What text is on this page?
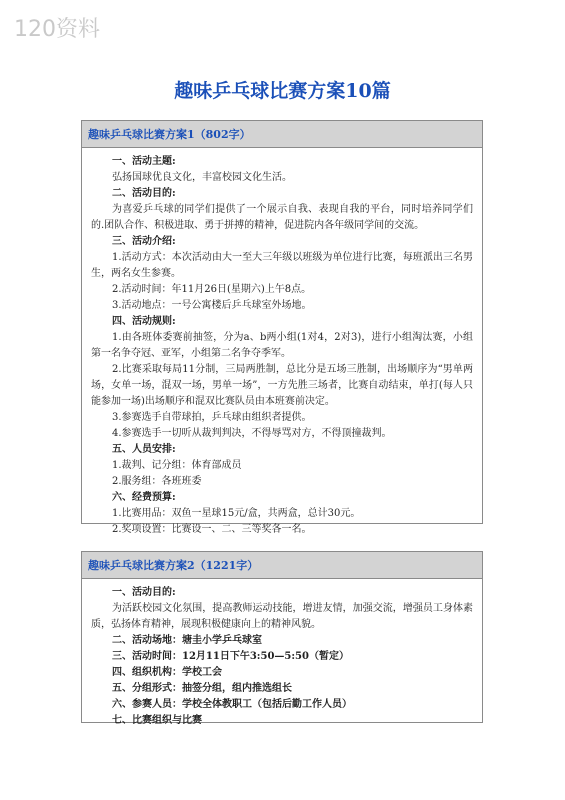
120资料
趣味乒乓球比赛方案10篇
趣味乒乓球比赛方案1（802字）
一、活动主题:
弘扬国球优良文化，丰富校园文化生活。
二、活动目的:
为喜爱乒乓球的同学们提供了一个展示自我、表现自我的平台，同时培养同学们的.团队合作、积极进取、勇于拼搏的精神，促进院内各年级同学间的交流。
三、活动介绍:
1.活动方式：本次活动由大一至大三年级以班级为单位进行比赛，每班派出三名男生，两名女生参赛。
2.活动时间：年11月26日(星期六)上午8点。
3.活动地点：一号公寓楼后乒乓球室外场地。
四、活动规则:
1.由各班体委赛前抽签，分为a、b两小组(1对4，2对3)，进行小组淘汰赛，小组第一名争夺冠、亚军，小组第二名争夺季军。
2.比赛采取每局11分制，三局两胜制，总比分是五场三胜制，出场顺序为“男单两场，女单一场，混双一场，男单一场”，一方先胜三场者，比赛自动结束，单打(每人只能参加一场)出场顺序和混双比赛队员由本班赛前决定。
3.参赛选手自带球拍，乒乓球由组织者提供。
4.参赛选手一切听从裁判判决，不得辱骂对方，不得顶撞裁判。
五、人员安排:
1.裁判、记分组：体育部成员
2.服务组：各班班委
六、经费预算:
1.比赛用品：双鱼一星球15元/盒，共两盒，总计30元。
2.奖项设置：比赛设一、二、三等奖各一名。
趣味乒乓球比赛方案2（1221字）
一、活动目的:
为活跃校园文化氛围，提高教师运动技能，增进友情，加强交流，增强员工身体素质，弘扬体育精神，展现积极健康向上的精神风貌。
二、活动场地：塘圭小学乒乓球室
三、活动时间：12月11日下午3:50—5:50（暂定）
四、组织机构：学校工会
五、分组形式：抽签分组，组内推选组长
六、参赛人员：学校全体教职工（包括后勤工作人员）
七、比赛组织与比赛
